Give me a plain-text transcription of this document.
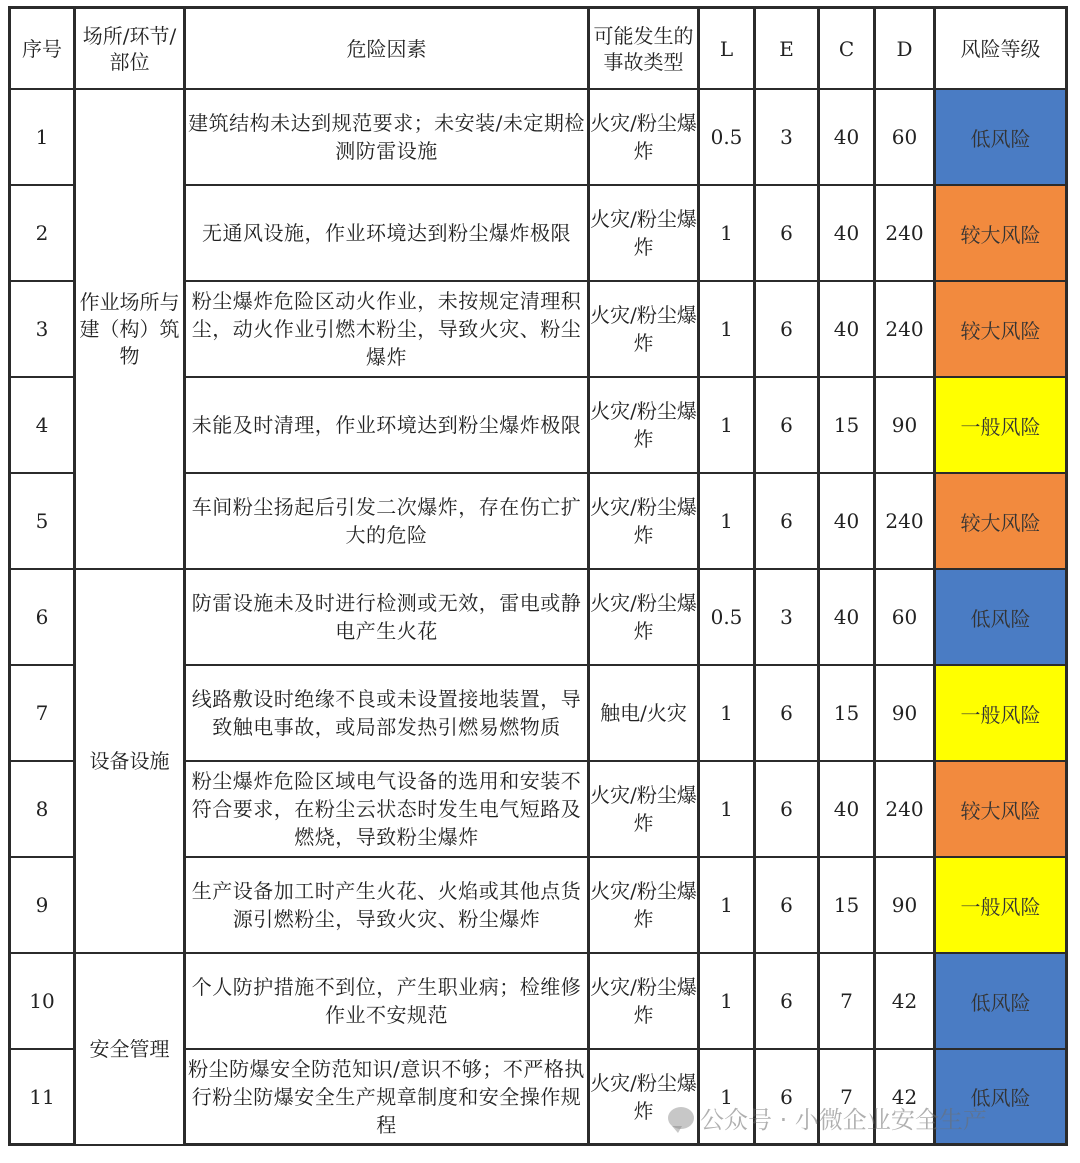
序号	场所/环节/部位	危险因素	可能发生的事故类型	L	E	C	D	风险等级
1	作业场所与建（构）筑物	建筑结构未达到规范要求；未安装/未定期检测防雷设施	火灾/粉尘爆炸	0.5	3	40	60	低风险
2		无通风设施，作业环境达到粉尘爆炸极限	火灾/粉尘爆炸	1	6	40	240	较大风险
3		粉尘爆炸危险区动火作业，未按规定清理积尘，动火作业引燃木粉尘，导致火灾、粉尘爆炸	火灾/粉尘爆炸	1	6	40	240	较大风险
4		未能及时清理，作业环境达到粉尘爆炸极限	火灾/粉尘爆炸	1	6	15	90	一般风险
5		车间粉尘扬起后引发二次爆炸，存在伤亡扩大的危险	火灾/粉尘爆炸	1	6	40	240	较大风险
6	设备设施	防雷设施未及时进行检测或无效，雷电或静电产生火花	火灾/粉尘爆炸	0.5	3	40	60	低风险
7		线路敷设时绝缘不良或未设置接地装置，导致触电事故，或局部发热引燃易燃物质	触电/火灾	1	6	15	90	一般风险
8		粉尘爆炸危险区域电气设备的选用和安装不符合要求，在粉尘云状态时发生电气短路及燃烧，导致粉尘爆炸	火灾/粉尘爆炸	1	6	40	240	较大风险
9		生产设备加工时产生火花、火焰或其他点货源引燃粉尘，导致火灾、粉尘爆炸	火灾/粉尘爆炸	1	6	15	90	一般风险
10	安全管理	个人防护措施不到位，产生职业病；检维修作业不安规范	火灾/粉尘爆炸	1	6	7	42	低风险
11		粉尘防爆安全防范知识/意识不够；不严格执行粉尘防爆安全生产规章制度和安全操作规程	火灾/粉尘爆炸	1	6	7	42	低风险
公众号 · 小微企业安全生产
